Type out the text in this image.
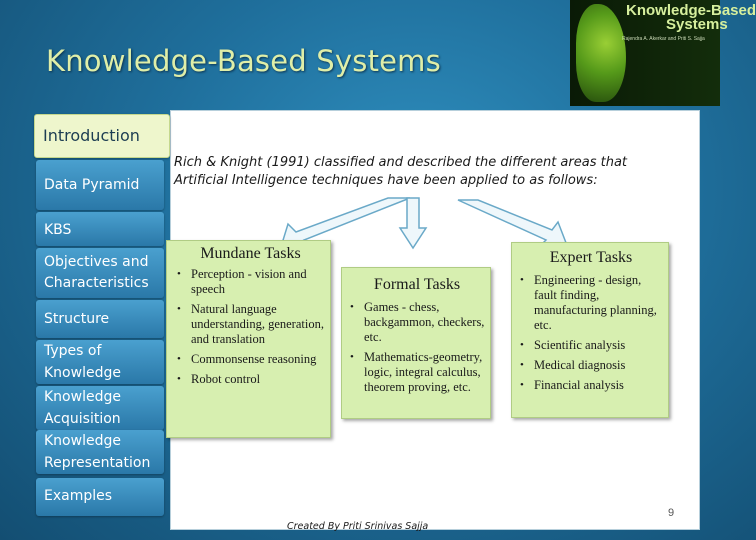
Knowledge-Based Systems
Knowledge-Based
Systems
Rajendra A. Akerkar and Priti S. Sajja
Introduction
Data Pyramid
KBS
Objectives and Characteristics
Structure
Types of Knowledge
Knowledge Acquisition
Knowledge Representation
Examples
Rich & Knight (1991) classified and described the different areas that Artificial Intelligence techniques have been applied to as follows:
Mundane Tasks
• Perception - vision and speech
• Natural language understanding, generation, and translation
• Commonsense reasoning
• Robot control
Formal Tasks
• Games - chess, backgammon, checkers, etc.
• Mathematics-geometry, logic, integral calculus, theorem proving, etc.
Expert Tasks
• Engineering - design, fault finding, manufacturing planning, etc.
• Scientific analysis
• Medical diagnosis
• Financial analysis
Created By Priti Srinivas Sajja
9
